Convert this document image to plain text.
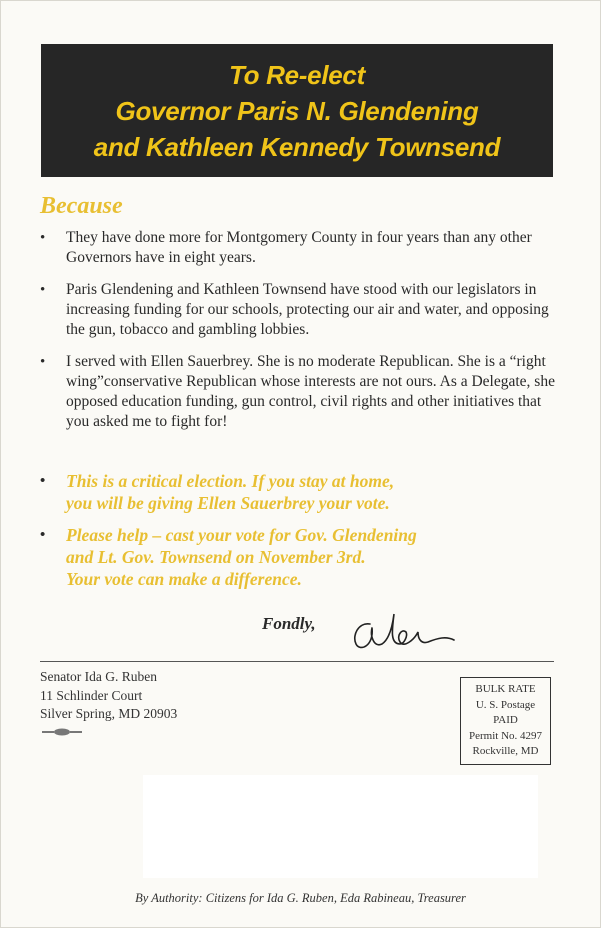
To Re-elect
Governor Paris N. Glendening
and Kathleen Kennedy Townsend
Because
• They have done more for Montgomery County in four years than any other Governors have in eight years.
• Paris Glendening and Kathleen Townsend have stood with our legislators in increasing funding for our schools, protecting our air and water, and opposing the gun, tobacco and gambling lobbies.
• I served with Ellen Sauerbrey. She is no moderate Republican. She is a “right wing”conservative Republican whose interests are not ours. As a Delegate, she opposed education funding, gun control, civil rights and other initiatives that you asked me to fight for!
• This is a critical election. If you stay at home,
you will be giving Ellen Sauerbrey your vote.
• Please help – cast your vote for Gov. Glendening
and Lt. Gov. Townsend on November 3rd.
Your vote can make a difference.
Fondly,
Senator Ida G. Ruben
11 Schlinder Court
Silver Spring, MD 20903
BULK RATE
U. S. Postage
PAID
Permit No. 4297
Rockville, MD
By Authority: Citizens for Ida G. Ruben, Eda Rabineau, Treasurer
